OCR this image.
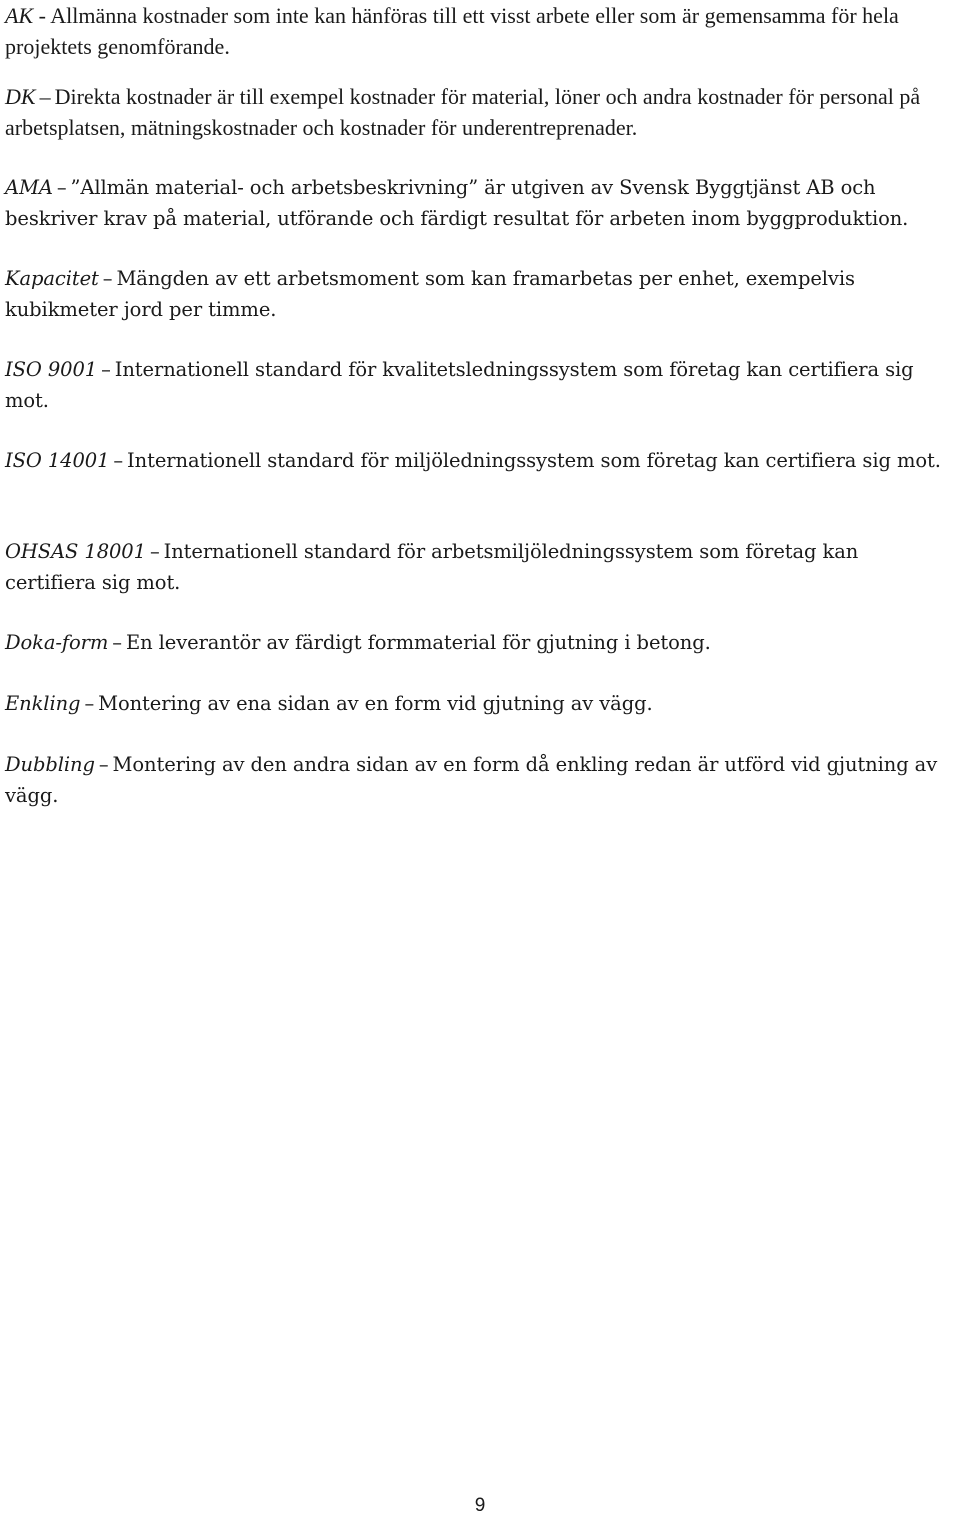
AK - Allmänna kostnader som inte kan hänföras till ett visst arbete eller som är gemensamma för hela projektets genomförande.

DK – Direkta kostnader är till exempel kostnader för material, löner och andra kostnader för personal på arbetsplatsen, mätningskostnader och kostnader för underentreprenader.

AMA – ”Allmän material- och arbetsbeskrivning” är utgiven av Svensk Byggtjänst AB och beskriver krav på material, utförande och färdigt resultat för arbeten inom byggproduktion.

Kapacitet – Mängden av ett arbetsmoment som kan framarbetas per enhet, exempelvis kubikmeter jord per timme.

ISO 9001 – Internationell standard för kvalitetsledningssystem som företag kan certifiera sig mot.

ISO 14001 – Internationell standard för miljöledningssystem som företag kan certifiera sig mot.

OHSAS 18001 – Internationell standard för arbetsmiljöledningssystem som företag kan certifiera sig mot.

Doka-form – En leverantör av färdigt formmaterial för gjutning i betong.

Enkling – Montering av ena sidan av en form vid gjutning av vägg.

Dubbling – Montering av den andra sidan av en form då enkling redan är utförd vid gjutning av vägg.

9
